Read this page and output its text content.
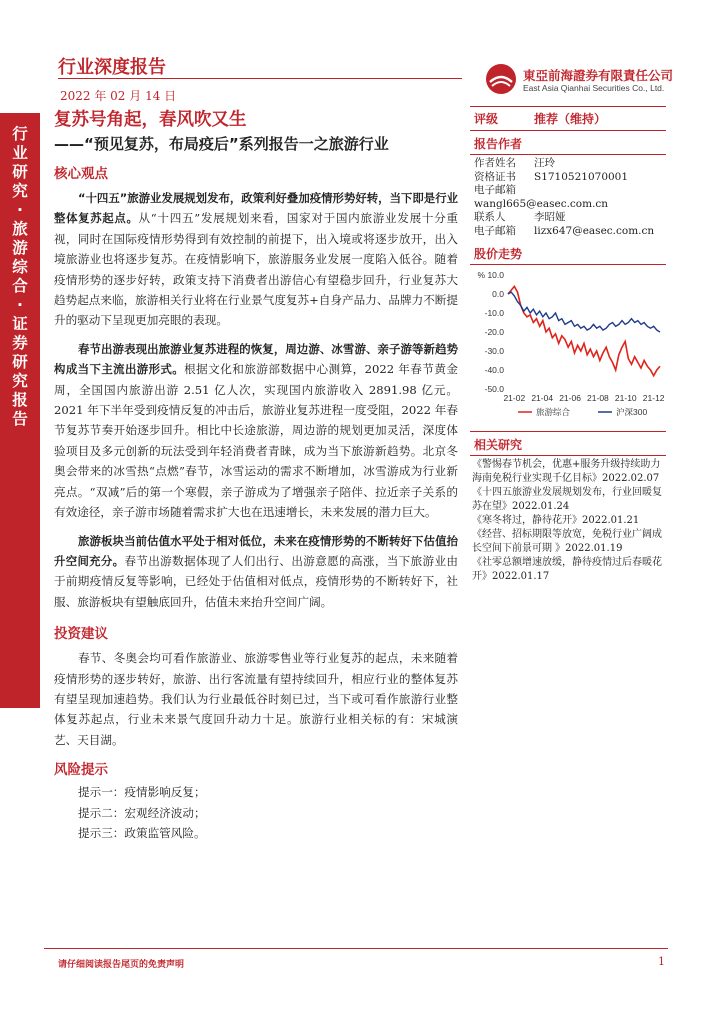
行业深度报告
2022 年 02 月 14 日
東亞前海證券有限責任公司
East Asia Qianhai Securities Co., Ltd.
行业研究·旅游综合·证券研究报告
复苏号角起，春风吹又生
——“预见复苏，布局疫后”系列报告一之旅游行业
核心观点
“十四五”旅游业发展规划发布，政策利好叠加疫情形势好转，当下即是行业整体复苏起点。从“十四五”发展规划来看，国家对于国内旅游业发展十分重视，同时在国际疫情形势得到有效控制的前提下，出入境或将逐步放开，出入境旅游业也将逐步复苏。在疫情影响下，旅游服务业发展一度陷入低谷。随着疫情形势的逐步好转，政策支持下消费者出游信心有望稳步回升，行业复苏大趋势起点来临，旅游相关行业将在行业景气度复苏+自身产品力、品牌力不断提升的驱动下呈现更加亮眼的表现。
春节出游表现出旅游业复苏进程的恢复，周边游、冰雪游、亲子游等新趋势构成当下主流出游形式。根据文化和旅游部数据中心测算，2022 年春节黄金周，全国国内旅游出游 2.51 亿人次，实现国内旅游收入 2891.98 亿元。2021 年下半年受到疫情反复的冲击后，旅游业复苏进程一度受阻，2022 年春节复苏节奏开始逐步回升。相比中长途旅游，周边游的规划更加灵活，深度体验项目及多元创新的玩法受到年轻消费者青睐，成为当下旅游新趋势。北京冬奥会带来的冰雪热“点燃”春节，冰雪运动的需求不断增加，冰雪游成为行业新亮点。“双减”后的第一个寒假，亲子游成为了增强亲子陪伴、拉近亲子关系的有效途径，亲子游市场随着需求扩大也在迅速增长，未来发展的潜力巨大。
旅游板块当前估值水平处于相对低位，未来在疫情形势的不断转好下估值抬升空间充分。春节出游数据体现了人们出行、出游意愿的高涨，当下旅游业由于前期疫情反复等影响，已经处于估值相对低点，疫情形势的不断转好下，社服、旅游板块有望触底回升，估值未来抬升空间广阔。
投资建议
春节、冬奥会均可看作旅游业、旅游零售业等行业复苏的起点，未来随着疫情形势的逐步转好，旅游、出行客流量有望持续回升，相应行业的整体复苏有望呈现加速趋势。我们认为行业最低谷时刻已过，当下或可看作旅游行业整体复苏起点，行业未来景气度回升动力十足。旅游行业相关标的有：宋城演艺、天目湖。
风险提示
提示一：疫情影响反复；
提示二：宏观经济波动；
提示三：政策监管风险。
评级	推荐（维持）
报告作者
作者姓名 汪玲
资格证书 S1710521070001
电子邮箱wangl665@easec.com.cn
联系人	李昭娅
电子邮箱 lizx647@easec.com.cn
股价走势
% 10.0
0.0
-10.0
-20.0
-30.0
-40.0
-50.0
21-02 21-04 21-06 21-08 21-10 21-12
旅游综合	沪深300
相关研究
《警惕春节机会，优惠+服务升级持续助力海南免税行业实现千亿目标》2022.02.07
《十四五旅游业发展规划发布，行业回暖复苏在望》2022.01.24
《寒冬将过，静待花开》2022.01.21
《经营、招标期限等放宽，免税行业广阔成长空间下前景可期 》2022.01.19
《社零总额增速放缓，静待疫情过后春暖花开》2022.01.17
请仔细阅读报告尾页的免责声明	1
